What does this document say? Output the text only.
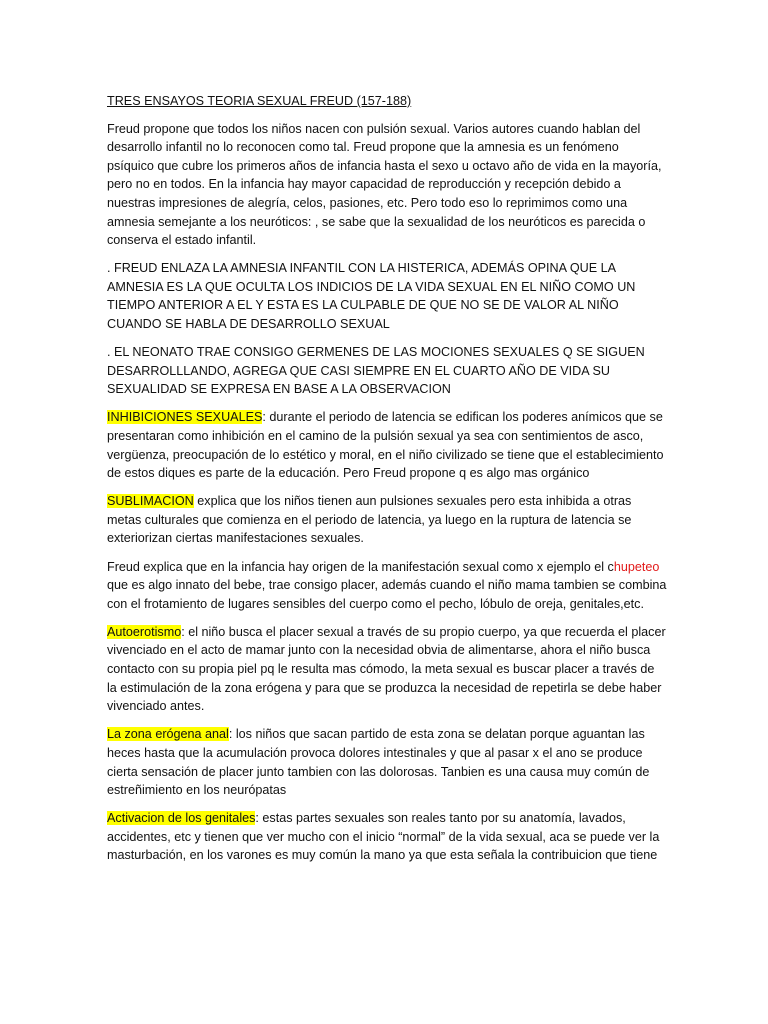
TRES ENSAYOS TEORIA SEXUAL FREUD (157-188)

Freud propone que todos los niños nacen con pulsión sexual. Varios autores cuando hablan del desarrollo infantil no lo reconocen como tal. Freud propone que la amnesia es un fenómeno psíquico que cubre los primeros años de infancia hasta el sexo u octavo año de vida en la mayoría, pero no en todos. En la infancia hay mayor capacidad de reproducción y recepción debido a nuestras impresiones de alegría, celos, pasiones, etc. Pero todo eso lo reprimimos como una amnesia semejante a los neuróticos: , se sabe que la sexualidad de los neuróticos es parecida o conserva el estado infantil.

. FREUD ENLAZA LA AMNESIA INFANTIL CON LA HISTERICA, ADEMÁS OPINA QUE LA AMNESIA ES LA QUE OCULTA LOS INDICIOS DE LA VIDA SEXUAL EN EL NIÑO COMO UN TIEMPO ANTERIOR A EL Y ESTA ES LA CULPABLE DE QUE NO SE DE VALOR AL NIÑO CUANDO SE HABLA DE DESARROLLO SEXUAL

. EL NEONATO TRAE CONSIGO GERMENES DE LAS MOCIONES SEXUALES Q SE SIGUEN DESARROLLLANDO, AGREGA QUE CASI SIEMPRE EN EL CUARTO AÑO DE VIDA SU SEXUALIDAD SE EXPRESA EN BASE A LA OBSERVACION

INHIBICIONES SEXUALES: durante el periodo de latencia se edifican los poderes anímicos que se presentaran como inhibición en el camino de la pulsión sexual ya sea con sentimientos de asco, vergüenza, preocupación de lo estético y moral, en el niño civilizado se tiene que el establecimiento de estos diques es parte de la educación. Pero Freud propone q es algo mas orgánico

SUBLIMACION explica que los niños tienen aun pulsiones sexuales pero esta inhibida a otras metas culturales que comienza en el periodo de latencia, ya luego en la ruptura de latencia se exteriorizan ciertas manifestaciones sexuales.

Freud explica que en la infancia hay origen de la manifestación sexual como x ejemplo el chupeteo que es algo innato del bebe, trae consigo placer, además cuando el niño mama tambien se combina con el frotamiento de lugares sensibles del cuerpo como el pecho, lóbulo de oreja, genitales,etc.

Autoerotismo: el niño busca el placer sexual a través de su propio cuerpo, ya que recuerda el placer vivenciado en el acto de mamar junto con la necesidad obvia de alimentarse, ahora el niño busca contacto con su propia piel pq le resulta mas cómodo, la meta sexual es buscar placer a través de la estimulación de la zona erógena y para que se produzca la necesidad de repetirla se debe haber vivenciado antes.

La zona erógena anal: los niños que sacan partido de esta zona se delatan porque aguantan las heces hasta que la acumulación provoca dolores intestinales y que al pasar x el ano se produce cierta sensación de placer junto tambien con las dolorosas. Tanbien es una causa muy común de estreñimiento en los neurópatas

Activacion de los genitales: estas partes sexuales son reales tanto por su anatomía, lavados, accidentes, etc y tienen que ver mucho con el inicio “normal” de la vida sexual, aca se puede ver la masturbación, en los varones es muy común la mano ya que esta señala la contribuicion que tiene
